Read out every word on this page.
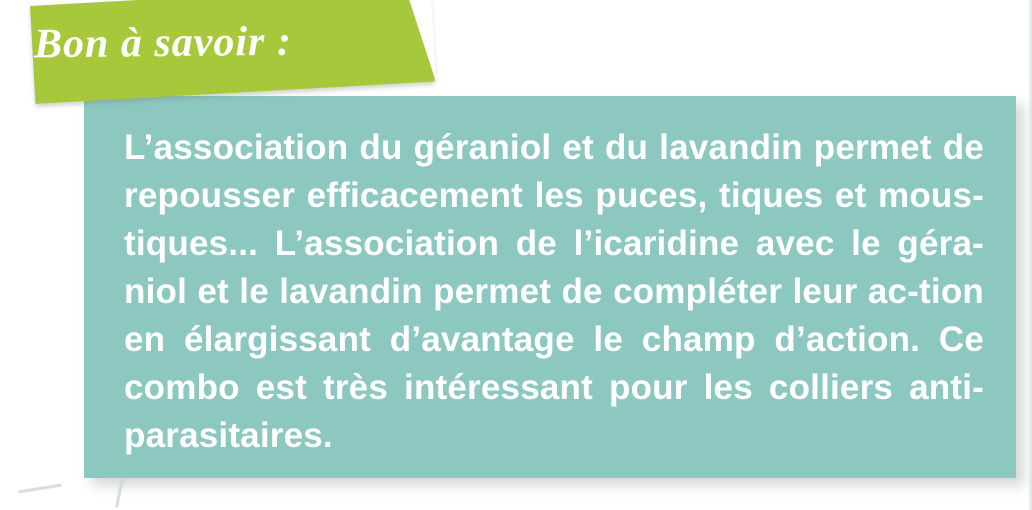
L’association du géraniol et du lavandin permet de repousser efficacement les puces, tiques et mous-tiques... L’association de l’icaridine avec le géra-niol et le lavandin permet de compléter leur ac-tion en élargissant d’avantage le champ d’action. Ce combo est très intéressant pour les colliers anti-parasitaires.
Bon à savoir :
